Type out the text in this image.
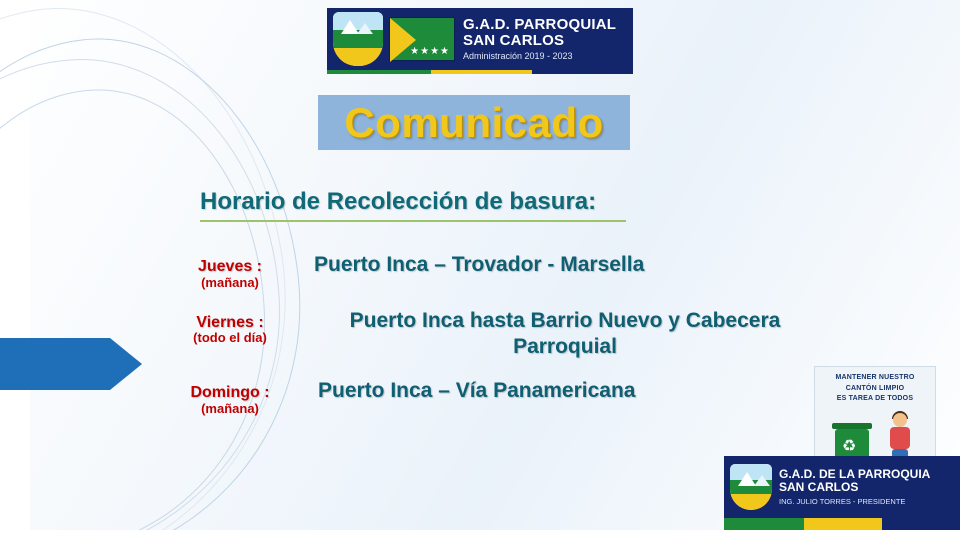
★★★★
G.A.D. PARROQUIAL
SAN CARLOS
Administración 2019 - 2023
Comunicado
Horario de Recolección de basura:
Jueves :
(mañana)
Puerto Inca – Trovador - Marsella
Viernes :
(todo el día)
Puerto Inca hasta Barrio Nuevo y Cabecera Parroquial
Domingo :
(mañana)
Puerto Inca – Vía Panamericana
MANTENER NUESTRO
CANTÓN LIMPIO
ES TAREA DE TODOS
♻
G.A.D. DE LA PARROQUIA
SAN CARLOS
ING. JULIO TORRES - PRESIDENTE
